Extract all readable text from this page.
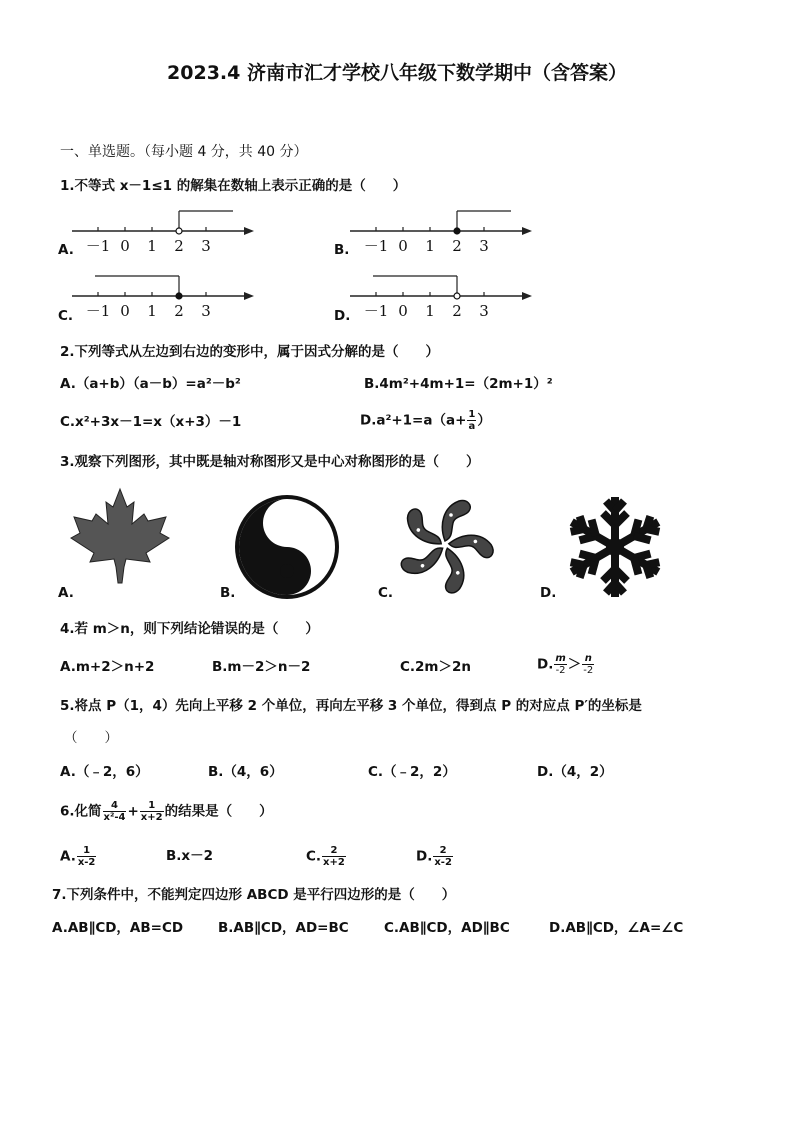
2023.4 济南市汇才学校八年级下数学期中（含答案）
一、单选题。（每小题 4 分，共 40 分）
1.不等式 x－1≤1 的解集在数轴上表示正确的是（　　）
A.	B.
C.	D.
－1 0 1 2 3	－1 0 1 2 3
－1 0 1 2 3	－1 0 1 2 3
2.下列等式从左边到右边的变形中，属于因式分解的是（　　）
A.（a+b）（a－b）=a²－b²	B.4m²+4m+1=（2m+1）²
C.x²+3x－1=x（x+3）－1	$D.a^2+1=a(a+ \frac{1}{a}$ ）
3.观察下列图形，其中既是轴对称图形又是中心对称图形的是（　　）
A.	B.	C.	D.
4.若 m＞n，则下列结论错误的是（　　）
A.m+2＞n+2	B.m－2＞n－2	C.2m＞2n	D. $\frac{m}{-2} > \frac{n}{-2}$
5.将点 P（1，4）先向上平移 2 个单位，再向左平移 3 个单位，得到点 P 的对应点 P′的坐标是
（　　）
A.（﹣2，6）	B.（4，6）	C.（﹣2，2）	D.（4，2）
6.化简 $\frac{4}{\text{x²-4}} + \frac{1}{x+2}$ 的结果是（　　）
A. $\frac{1}{x-2}$	B.x－2	C. $\frac{2}{x+2}$	D. $\frac{2}{x-2}$
7.下列条件中，不能判定四边形 ABCD 是平行四边形的是（　　）
A.AB∥CD，AB=CD	B.AB∥CD，AD=BC	C.AB∥CD，AD∥BC	D.AB∥CD，∠A=∠C
